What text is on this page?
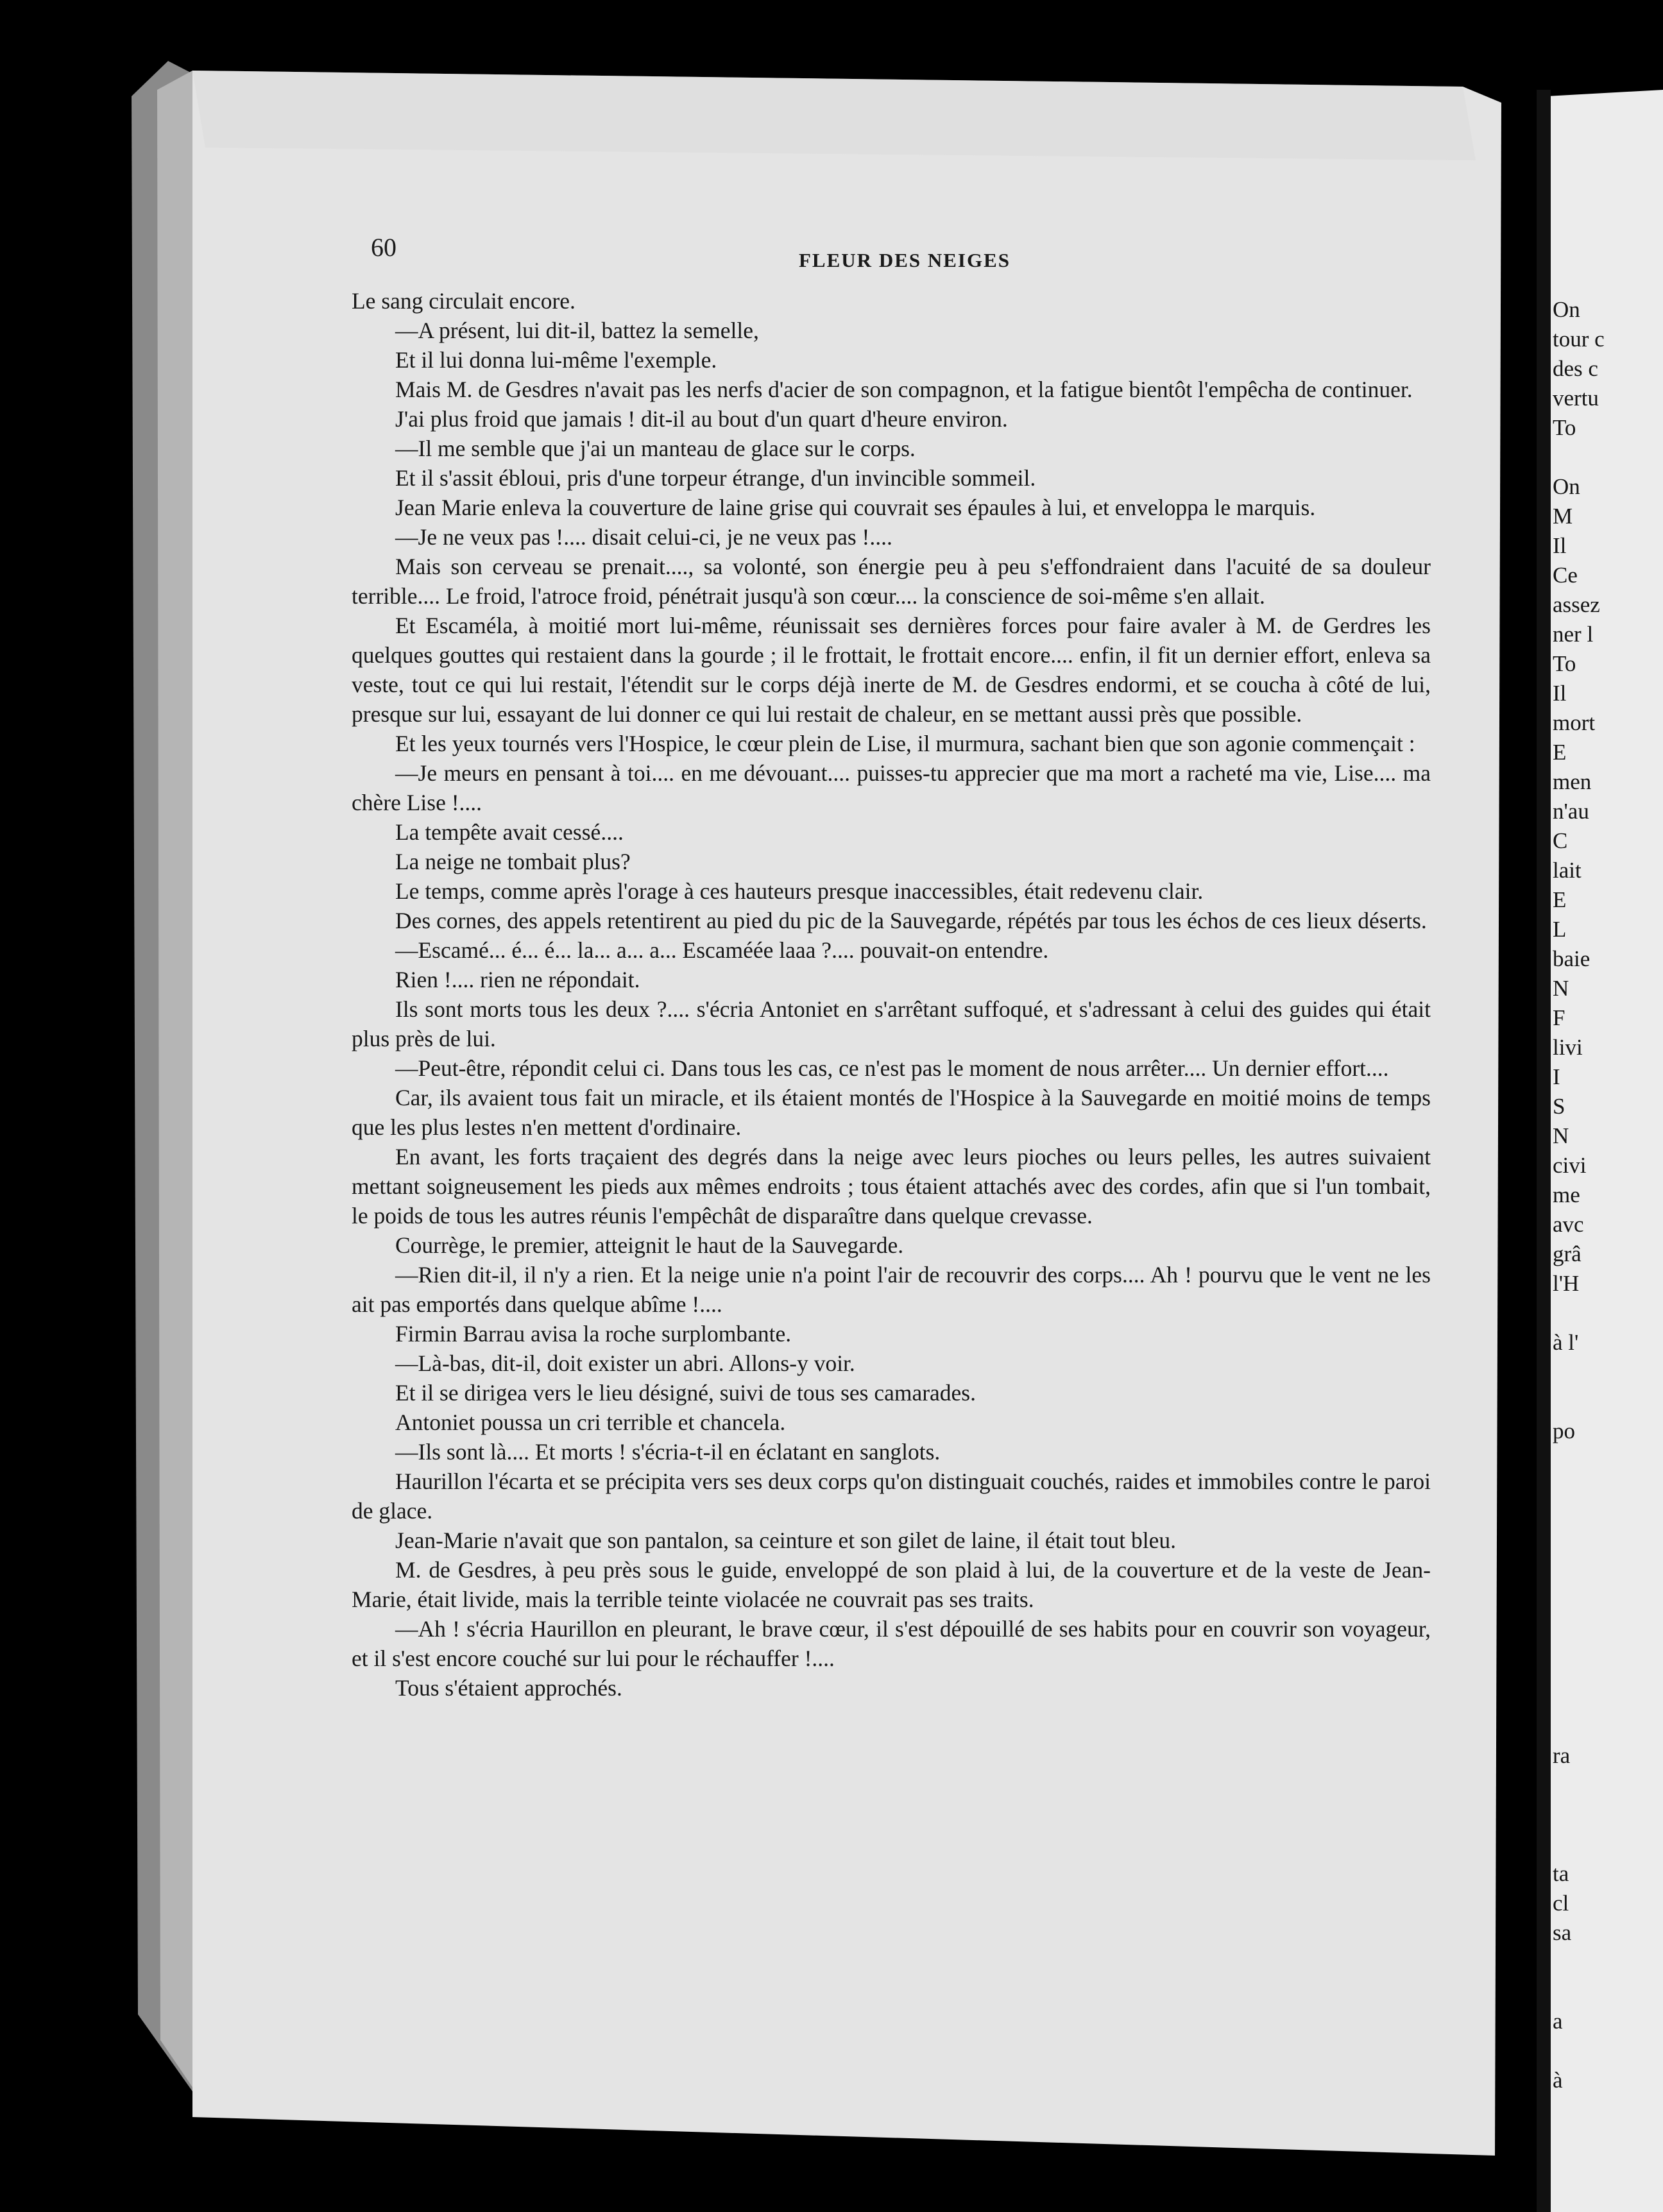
60	FLEUR DES NEIGES

Le sang circulait encore.

—A présent, lui dit-il, battez la semelle,

Et il lui donna lui-même l'exemple.

Mais M. de Gesdres n'avait pas les nerfs d'acier de son compagnon, et la fatigue bientôt l'empêcha de continuer.

J'ai plus froid que jamais ! dit-il au bout d'un quart d'heure environ.

—Il me semble que j'ai un manteau de glace sur le corps.

Et il s'assit ébloui, pris d'une torpeur étrange, d'un invincible sommeil.

Jean Marie enleva la couverture de laine grise qui couvrait ses épaules à lui, et enveloppa le marquis.

—Je ne veux pas !.... disait celui-ci, je ne veux pas !....

Mais son cerveau se prenait...., sa volonté, son énergie peu à peu s'effondraient dans l'acuité de sa douleur terrible.... Le froid, l'atroce froid, pénétrait jusqu'à son cœur.... la conscience de soi-même s'en allait.

Et Escaméla, à moitié mort lui-même, réunissait ses dernières forces pour faire avaler à M. de Gerdres les quelques gouttes qui restaient dans la gourde ; il le frottait, le frottait encore.... enfin, il fit un dernier effort, enleva sa veste, tout ce qui lui restait, l'étendit sur le corps déjà inerte de M. de Gesdres endormi, et se coucha à côté de lui, presque sur lui, essayant de lui donner ce qui lui restait de chaleur, en se mettant aussi près que possible.

Et les yeux tournés vers l'Hospice, le cœur plein de Lise, il murmura, sachant bien que son agonie commençait :

—Je meurs en pensant à toi.... en me dévouant.... puisses-tu apprecier que ma mort a racheté ma vie, Lise.... ma chère Lise !....

La tempête avait cessé....

La neige ne tombait plus?

Le temps, comme après l'orage à ces hauteurs presque inaccessibles, était redevenu clair.

Des cornes, des appels retentirent au pied du pic de la Sauvegarde, répétés par tous les échos de ces lieux déserts.

—Escamé... é... é... la... a... a... Escaméée laaa ?.... pouvait-on entendre.

Rien !.... rien ne répondait.

Ils sont morts tous les deux ?.... s'écria Antoniet en s'arrêtant suffoqué, et s'adressant à celui des guides qui était plus près de lui.

—Peut-être, répondit celui ci. Dans tous les cas, ce n'est pas le moment de nous arrêter.... Un dernier effort....

Car, ils avaient tous fait un miracle, et ils étaient montés de l'Hospice à la Sauvegarde en moitié moins de temps que les plus lestes n'en mettent d'ordinaire.

En avant, les forts traçaient des degrés dans la neige avec leurs pioches ou leurs pelles, les autres suivaient mettant soigneusement les pieds aux mêmes endroits ; tous étaient attachés avec des cordes, afin que si l'un tombait, le poids de tous les autres réunis l'empêchât de disparaître dans quelque crevasse.

Courrège, le premier, atteignit le haut de la Sauvegarde.

—Rien dit-il, il n'y a rien. Et la neige unie n'a point l'air de recouvrir des corps.... Ah ! pourvu que le vent ne les ait pas emportés dans quelque abîme !....

Firmin Barrau avisa la roche surplombante.

—Là-bas, dit-il, doit exister un abri. Allons-y voir.

Et il se dirigea vers le lieu désigné, suivi de tous ses camarades.

Antoniet poussa un cri terrible et chancela.

—Ils sont là.... Et morts ! s'écria-t-il en éclatant en sanglots.

Haurillon l'écarta et se précipita vers ses deux corps qu'on distinguait couchés, raides et immobiles contre le paroi de glace.

Jean-Marie n'avait que son pantalon, sa ceinture et son gilet de laine, il était tout bleu.

M. de Gesdres, à peu près sous le guide, enveloppé de son plaid à lui, de la couverture et de la veste de Jean-Marie, était livide, mais la terrible teinte violacée ne couvrait pas ses traits.

—Ah ! s'écria Haurillon en pleurant, le brave cœur, il s'est dépouillé de ses habits pour en couvrir son voyageur, et il s'est encore couché sur lui pour le réchauffer !....

Tous s'étaient approchés.

On
tour c
des c
vertu
To

On
M
Il
Ce
assez
ner l
To
Il
mort
E
men
n'au
C
lait
E
L
baie
N
F
livi
I
S
N
civi
me
avc
grâ
l'H

à l'

po

ra

ta
cl
sa

a

à
